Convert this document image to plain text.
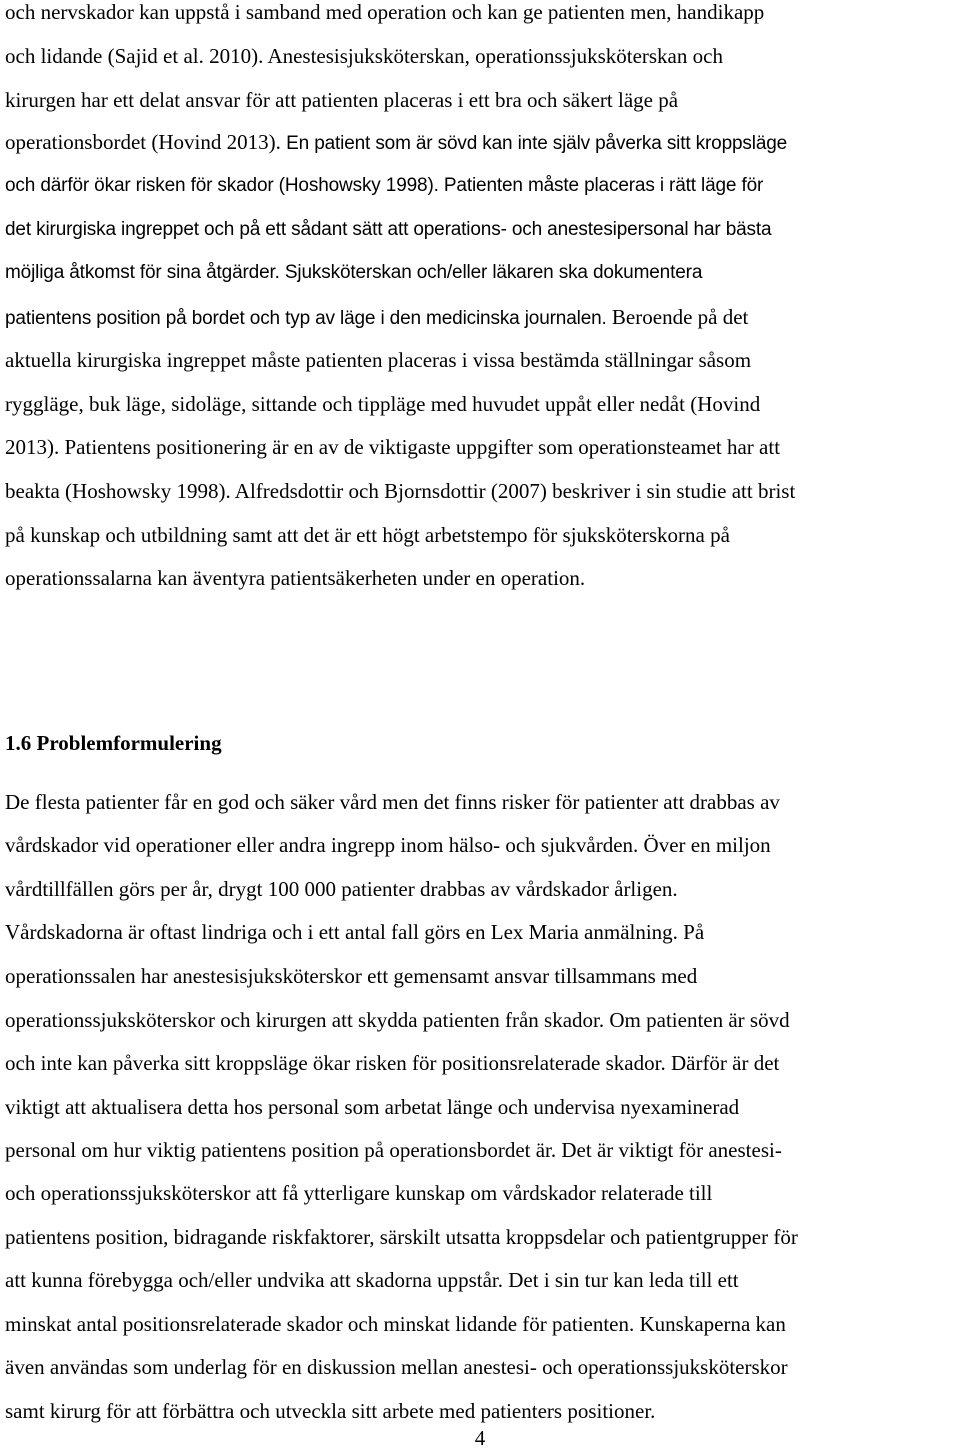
och nervskador kan uppstå i samband med operation och kan ge patienten men, handikapp

och lidande (Sajid et al. 2010). Anestesisjuksköterskan, operationssjuksköterskan och

kirurgen har ett delat ansvar för att patienten placeras i ett bra och säkert läge på

operationsbordet (Hovind 2013). En patient som är sövd kan inte själv påverka sitt kroppsläge

och därför ökar risken för skador (Hoshowsky 1998). Patienten måste placeras i rätt läge för

det kirurgiska ingreppet och på ett sådant sätt att operations- och anestesipersonal har bästa

möjliga åtkomst för sina åtgärder. Sjuksköterskan och/eller läkaren ska dokumentera

patientens position på bordet och typ av läge i den medicinska journalen. Beroende på det

aktuella kirurgiska ingreppet måste patienten placeras i vissa bestämda ställningar såsom

ryggläge, buk läge, sidoläge, sittande och tippläge med huvudet uppåt eller nedåt (Hovind

2013). Patientens positionering är en av de viktigaste uppgifter som operationsteamet har att

beakta (Hoshowsky 1998). Alfredsdottir och Bjornsdottir (2007) beskriver i sin studie att brist

på kunskap och utbildning samt att det är ett högt arbetstempo för sjuksköterskorna på

operationssalarna kan äventyra patientsäkerheten under en operation.

1.6 Problemformulering

De flesta patienter får en god och säker vård men det finns risker för patienter att drabbas av

vårdskador vid operationer eller andra ingrepp inom hälso- och sjukvården. Över en miljon

vårdtillfällen görs per år, drygt 100 000 patienter drabbas av vårdskador årligen.

Vårdskadorna är oftast lindriga och i ett antal fall görs en Lex Maria anmälning. På

operationssalen har anestesisjuksköterskor ett gemensamt ansvar tillsammans med

operationssjuksköterskor och kirurgen att skydda patienten från skador. Om patienten är sövd

och inte kan påverka sitt kroppsläge ökar risken för positionsrelaterade skador. Därför är det

viktigt att aktualisera detta hos personal som arbetat länge och undervisa nyexaminerad

personal om hur viktig patientens position på operationsbordet är. Det är viktigt för anestesi-

och operationssjuksköterskor att få ytterligare kunskap om vårdskador relaterade till

patientens position, bidragande riskfaktorer, särskilt utsatta kroppsdelar och patientgrupper för

att kunna förebygga och/eller undvika att skadorna uppstår. Det i sin tur kan leda till ett

minskat antal positionsrelaterade skador och minskat lidande för patienten. Kunskaperna kan

även användas som underlag för en diskussion mellan anestesi- och operationssjuksköterskor

samt kirurg för att förbättra och utveckla sitt arbete med patienters positioner.

4
